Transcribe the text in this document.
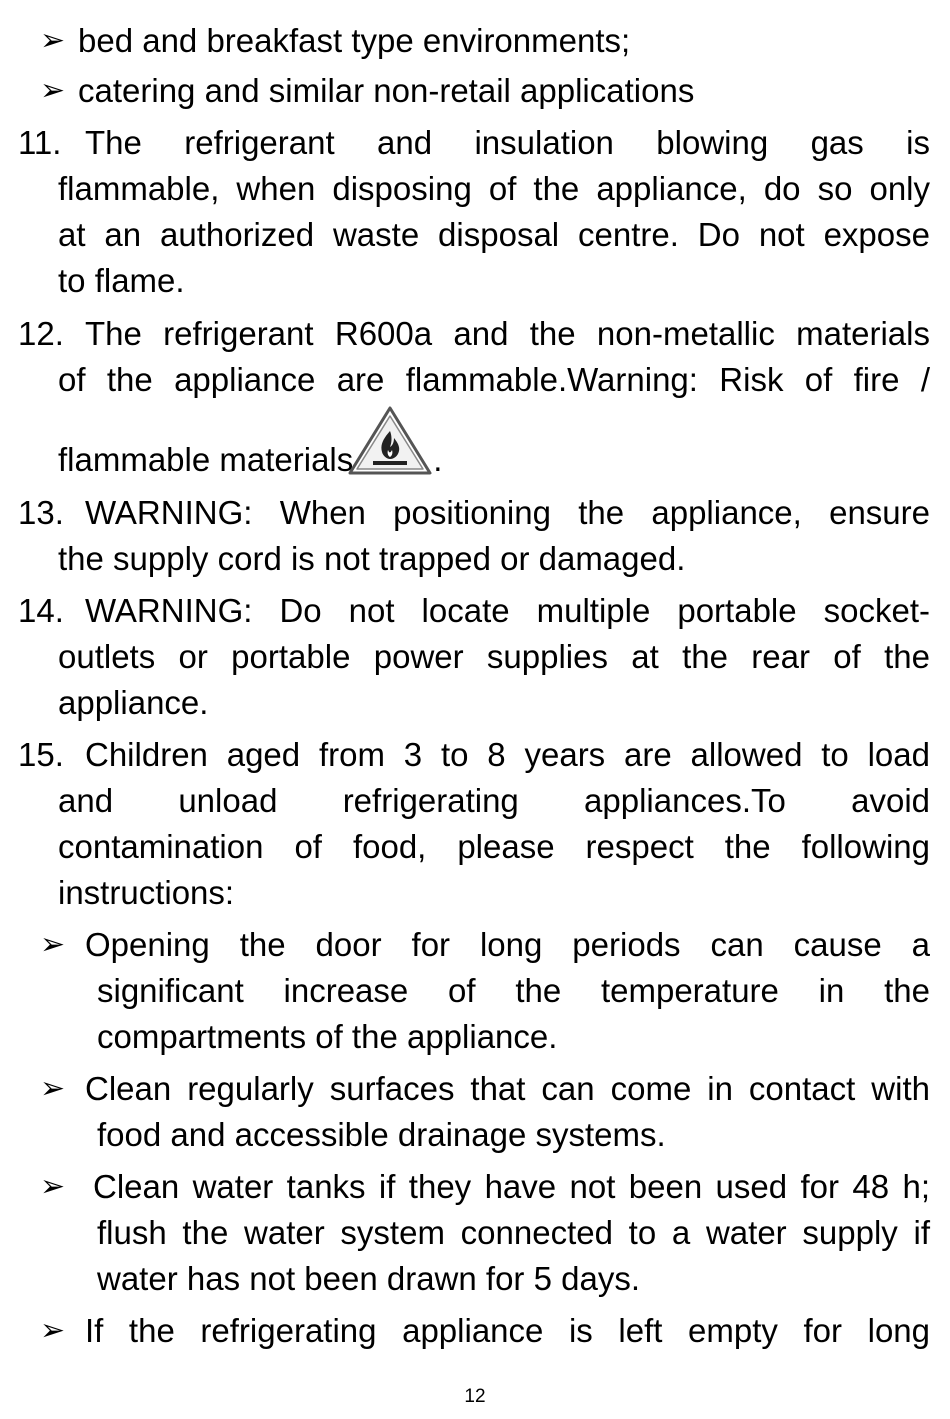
➢ bed and breakfast type environments;
➢ catering and similar non-retail applications
11. The refrigerant and insulation blowing gas is
flammable, when disposing of the appliance, do so only
at an authorized waste disposal centre. Do not expose
to flame.
12. The refrigerant R600a and the non-metallic materials
of the appliance are flammable.Warning: Risk of fire /
flammable materials .
13. WARNING: When positioning the appliance, ensure
the supply cord is not trapped or damaged.
14. WARNING: Do not locate multiple portable socket-
outlets or portable power supplies at the rear of the
appliance.
15. Children aged from 3 to 8 years are allowed to load
and unload refrigerating appliances.To avoid
contamination of food, please respect the following
instructions:
➢ Opening the door for long periods can cause a
significant increase of the temperature in the
compartments of the appliance.
➢ Clean regularly surfaces that can come in contact with
food and accessible drainage systems.
➢ Clean water tanks if they have not been used for 48 h;
flush the water system connected to a water supply if
water has not been drawn for 5 days.
➢ If the refrigerating appliance is left empty for long
12
